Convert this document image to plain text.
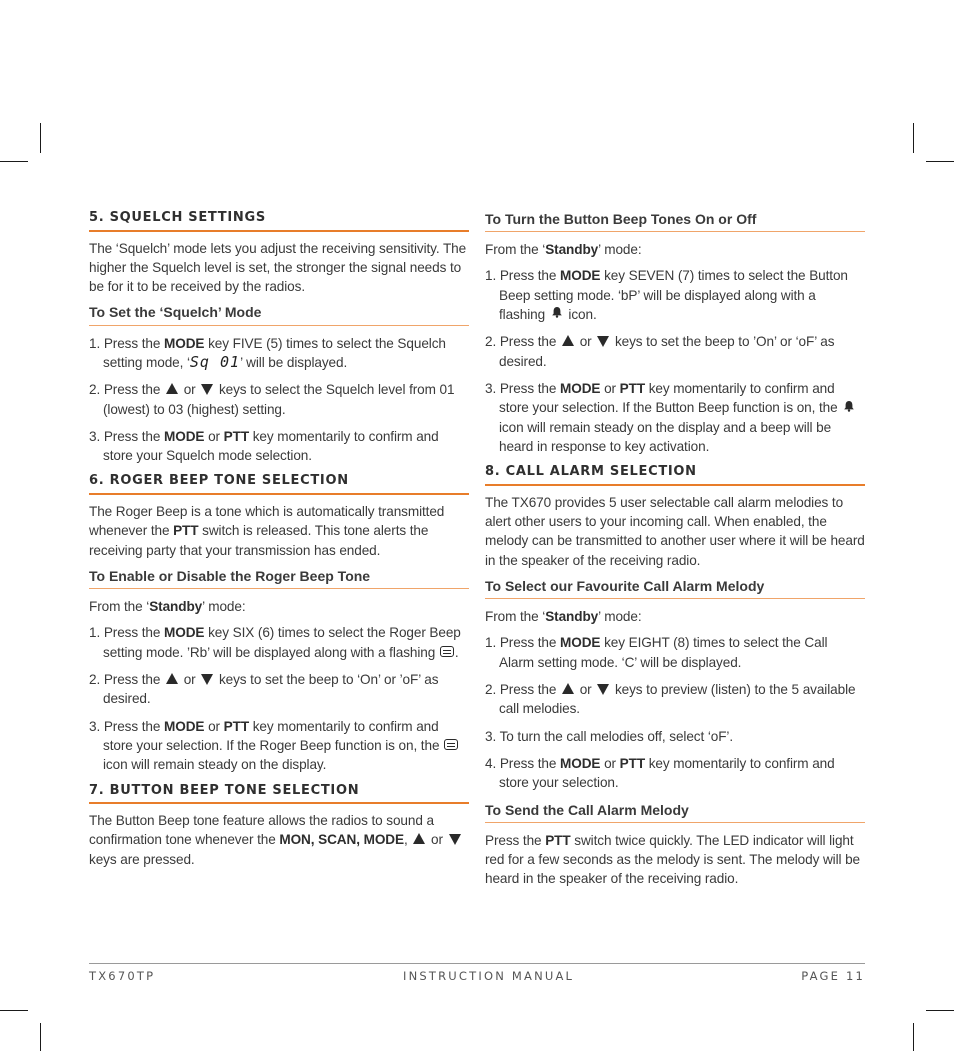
5. SQUELCH SETTINGS

The ‘Squelch’ mode lets you adjust the receiving sensitivity. The higher the Squelch level is set, the stronger the signal needs to be for it to be received by the radios.

To Set the ‘Squelch’ Mode
1. Press the MODE key FIVE (5) times to select the Squelch setting mode, ‘Sq 01’ will be displayed.
2. Press the  or  keys to select the Squelch level from 01 (lowest) to 03 (highest) setting.
3. Press the MODE or PTT key momentarily to confirm and store your Squelch mode selection.
6. ROGER BEEP TONE SELECTION

The Roger Beep is a tone which is automatically transmitted whenever the PTT switch is released. This tone alerts the receiving party that your transmission has ended.

To Enable or Disable the Roger Beep Tone

From the ‘Standby’ mode:

1. Press the MODE key SIX (6) times to select the Roger Beep setting mode. ’Rb’ will be displayed along with a flashing .
2. Press the  or  keys to set the beep to ‘On’ or ’oF’ as desired.
3. Press the MODE or PTT key momentarily to confirm and store your selection. If the Roger Beep function is on, the  icon will remain steady on the display.
7. BUTTON BEEP TONE SELECTION

The Button Beep tone feature allows the radios to sound a confirmation tone whenever the MON, SCAN, MODE,  or  keys are pressed.

To Turn the Button Beep Tones On or Off

From the ‘Standby’ mode:

1. Press the MODE key SEVEN (7) times to select the Button Beep setting mode. ‘bP’ will be displayed along with a flashing  icon.
2. Press the  or  keys to set the beep to ’On’ or ‘oF’ as desired.
3. Press the MODE or PTT key momentarily to confirm and store your selection. If the Button Beep function is on, the  icon will remain steady on the display and a beep will be heard in response to key activation.
8. CALL ALARM SELECTION

The TX670 provides 5 user selectable call alarm melodies to alert other users to your incoming call. When enabled, the melody can be transmitted to another user where it will be heard in the speaker of the receiving radio.

To Select our Favourite Call Alarm Melody

From the ‘Standby’ mode:

1. Press the MODE key EIGHT (8) times to select the Call Alarm setting mode. ‘C’ will be displayed.
2. Press the  or  keys to preview (listen) to the 5 available call melodies.
3. To turn the call melodies off, select ‘oF’.
4. Press the MODE or PTT key momentarily to confirm and store your selection.
To Send the Call Alarm Melody

Press the PTT switch twice quickly. The LED indicator will light red for a few seconds as the melody is sent. The melody will be heard in the speaker of the receiving radio.

TX670TP	INSTRUCTION MANUAL	PAGE 11
